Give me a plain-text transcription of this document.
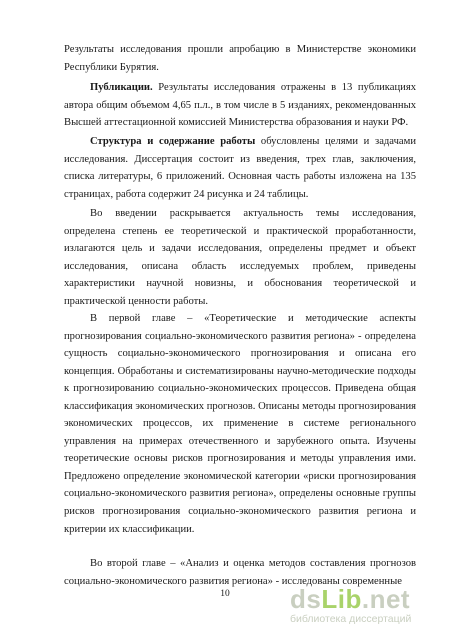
Результаты исследования прошли апробацию в Министерстве экономики Республики Бурятия.

Публикации. Результаты исследования отражены в 13 публикациях автора общим объемом 4,65 п.л., в том числе в 5 изданиях, рекомендованных Высшей аттестационной комиссией Министерства образования и науки РФ.

Структура и содержание работы обусловлены целями и задачами исследования. Диссертация состоит из введения, трех глав, заключения, списка литературы, 6 приложений. Основная часть работы изложена на 135 страницах, работа содержит 24 рисунка и 24 таблицы.

Во введении раскрывается актуальность темы исследования, определена степень ее теоретической и практической проработанности, излагаются цель и задачи исследования, определены предмет и объект исследования, описана область исследуемых проблем, приведены характеристики научной новизны, и обоснования теоретической и практической ценности работы.

В первой главе – «Теоретические и методические аспекты прогнозирования социально-экономического развития региона» - определена сущность социально-экономического прогнозирования и описана его концепция. Обработаны и систематизированы научно-методические подходы к прогнозированию социально-экономических процессов. Приведена общая классификация экономических прогнозов. Описаны методы прогнозирования экономических процессов, их применение в системе регионального управления на примерах отечественного и зарубежного опыта. Изучены теоретические основы рисков прогнозирования и методы управления ими. Предложено определение экономической категории «риски прогнозирования социально-экономического развития региона», определены основные группы рисков прогнозирования социально-экономического развития региона и критерии их классификации.

Во второй главе – «Анализ и оценка методов составления прогнозов социально-экономического развития региона» - исследованы современные

10	dsLib.net
библиотека диссертаций
